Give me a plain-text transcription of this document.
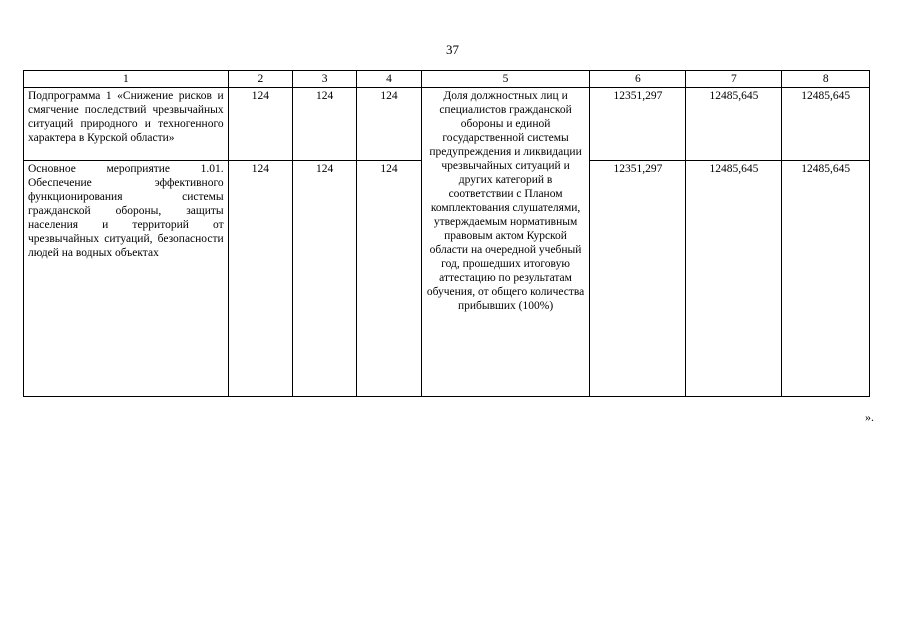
37
1	2	3	4	5	6	7	8
Подпрограмма 1 «Снижение рисков и смягчение последствий чрезвычайных ситуаций природного и техногенного характера в Курской области»	124	124	124	Доля должностных лиц и специалистов гражданской обороны и единой государственной системы предупреждения и ликвидации чрезвычайных ситуаций и других категорий в соответствии с Планом комплектования слушателями, утверждаемым нормативным правовым актом Курской области на очередной учебный год, прошедших итоговую аттестацию по результатам обучения, от общего количества прибывших (100%)	12351,297	12485,645	12485,645
Основное мероприятие 1.01. Обеспечение эффективного функционирования системы гражданской обороны, защиты населения и территорий от чрезвычайных ситуаций, безопасности людей на водных объектах	124	124	124		12351,297	12485,645	12485,645
».
